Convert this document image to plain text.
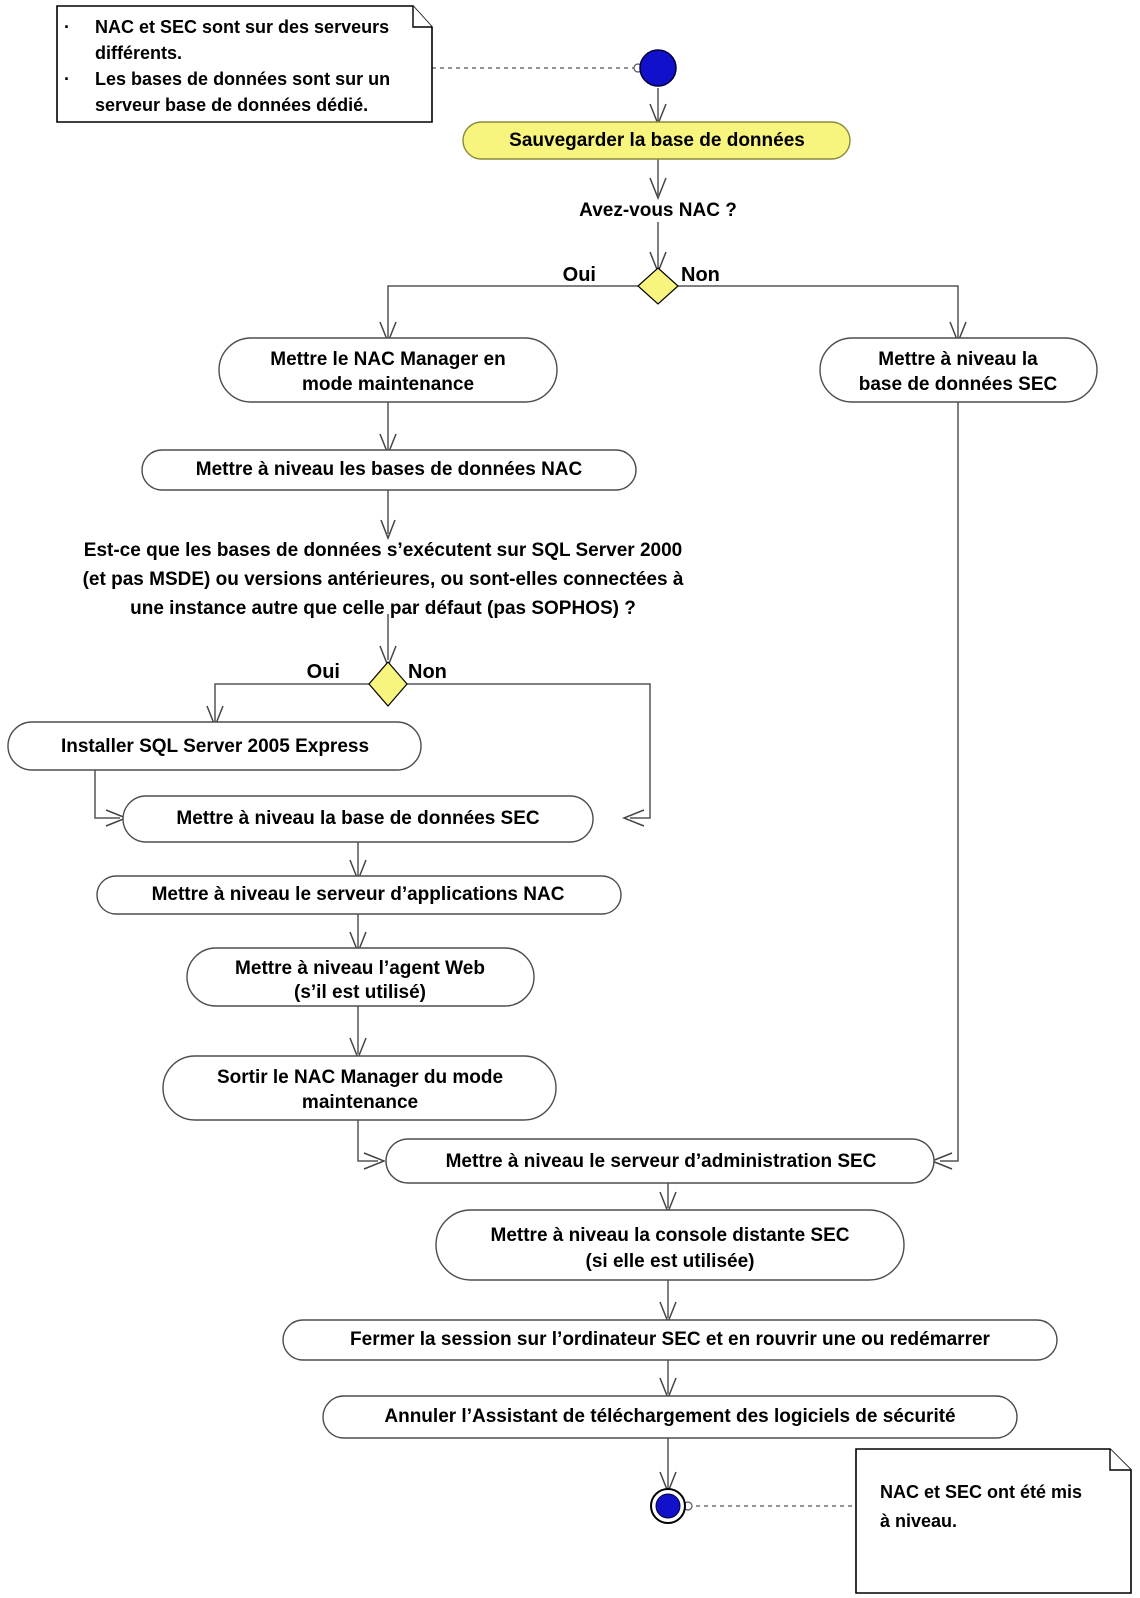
· NAC et SEC sont sur des serveurs
différents.
· Les bases de données sont sur un
serveur base de données dédié.
Sauvegarder la base de données
Avez-vous NAC ?
Oui	Non
Mettre le NAC Manager en
mode maintenance
Mettre à niveau la
base de données SEC
Mettre à niveau les bases de données NAC
Est-ce que les bases de données s’exécutent sur SQL Server 2000
(et pas MSDE) ou versions antérieures, ou sont-elles connectées à
une instance autre que celle par défaut (pas SOPHOS) ?
Oui	Non
Installer SQL Server 2005 Express
Mettre à niveau la base de données SEC
Mettre à niveau le serveur d’applications NAC
Mettre à niveau l’agent Web
(s’il est utilisé)
Sortir le NAC Manager du mode
maintenance
Mettre à niveau le serveur d’administration SEC
Mettre à niveau la console distante SEC
(si elle est utilisée)
Fermer la session sur l’ordinateur SEC et en rouvrir une ou redémarrer
Annuler l’Assistant de téléchargement des logiciels de sécurité
NAC et SEC ont été mis
à niveau.
